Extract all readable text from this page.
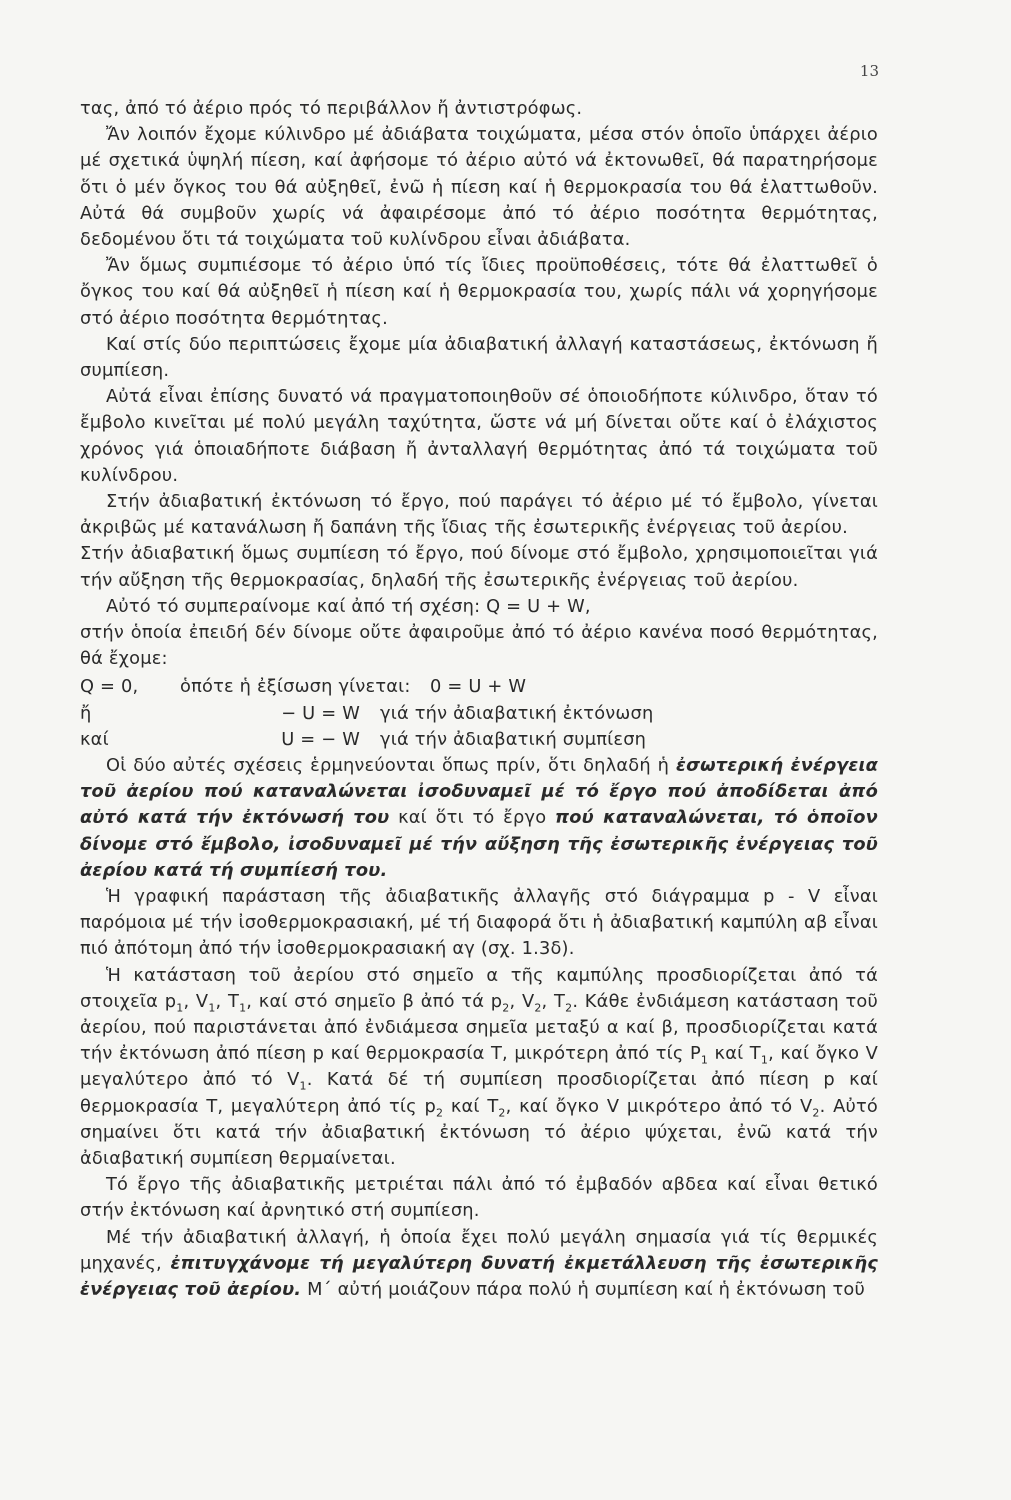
13

τας, ἀπό τό ἀέριο πρός τό περιβάλλον ἤ ἀντιστρόφως.

Ἄν λοιπόν ἔχομε κύλινδρο μέ ἀδιάβατα τοιχώματα, μέσα στόν ὁποῖο ὑπάρχει ἀέριο μέ σχετικά ὑψηλή πίεση, καί ἀφήσομε τό ἀέριο αὐτό νά ἐκτονωθεῖ, θά παρατηρήσομε ὅτι ὁ μέν ὄγκος του θά αὐξηθεῖ, ἐνῶ ἡ πίεση καί ἡ θερμοκρασία του θά ἐλαττωθοῦν. Αὐτά θά συμβοῦν χωρίς νά ἀφαιρέσομε ἀπό τό ἀέριο ποσότητα θερμότητας, δεδομένου ὅτι τά τοιχώματα τοῦ κυλίνδρου εἶναι ἀδιάβατα.

Ἄν ὅμως συμπιέσομε τό ἀέριο ὑπό τίς ἴδιες προϋποθέσεις, τότε θά ἐλαττωθεῖ ὁ ὄγκος του καί θά αὐξηθεῖ ἡ πίεση καί ἡ θερμοκρασία του, χωρίς πάλι νά χορηγήσομε στό ἀέριο ποσότητα θερμότητας.

Καί στίς δύο περιπτώσεις ἔχομε μία ἀδιαβατική ἀλλαγή καταστάσεως, ἐκτόνωση ἤ συμπίεση.

Αὐτά εἶναι ἐπίσης δυνατό νά πραγματοποιηθοῦν σέ ὁποιοδήποτε κύλινδρο, ὅταν τό ἔμβολο κινεῖται μέ πολύ μεγάλη ταχύτητα, ὥστε νά μή δίνεται οὔτε καί ὁ ἐλάχιστος χρόνος γιά ὁποιαδήποτε διάβαση ἤ ἀνταλλαγή θερμότητας ἀπό τά τοιχώματα τοῦ κυλίνδρου.

Στήν ἀδιαβατική ἐκτόνωση τό ἔργο, πού παράγει τό ἀέριο μέ τό ἔμβολο, γίνεται ἀκριβῶς μέ κατανάλωση ἤ δαπάνη τῆς ἴδιας τῆς ἐσωτερικῆς ἐνέργειας τοῦ ἀερίου.

Στήν ἀδιαβατική ὅμως συμπίεση τό ἔργο, πού δίνομε στό ἔμβολο, χρησιμοποιεῖται γιά τήν αὔξηση τῆς θερμοκρασίας, δηλαδή τῆς ἐσωτερικῆς ἐνέργειας τοῦ ἀερίου.

Αὐτό τό συμπεραίνομε καί ἀπό τή σχέση: Q = U + W,

στήν ὁποία ἐπειδή δέν δίνομε οὔτε ἀφαιροῦμε ἀπό τό ἀέριο κανένα ποσό θερμότητας, θά ἔχομε:

Q = 0,	ὁπότε ἡ ἐξίσωση γίνεται:	0 = U + W
ἤ	− U = W	γιά τήν ἀδιαβατική ἐκτόνωση
καί	U = − W	γιά τήν ἀδιαβατική συμπίεση

Οἱ δύο αὐτές σχέσεις ἑρμηνεύονται ὅπως πρίν, ὅτι δηλαδή ἡ ἐσωτερική ἐνέργεια τοῦ ἀερίου πού καταναλώνεται ἰσοδυναμεῖ μέ τό ἔργο πού ἀποδίδεται ἀπό αὐτό κατά τήν ἐκτόνωσή του καί ὅτι τό ἔργο πού καταναλώνεται, τό ὁποῖον δίνομε στό ἔμβολο, ἰσοδυναμεῖ μέ τήν αὔξηση τῆς ἐσωτερικῆς ἐνέργειας τοῦ ἀερίου κατά τή συμπίεσή του.

Ἡ γραφική παράσταση τῆς ἀδιαβατικῆς ἀλλαγῆς στό διάγραμμα p - V εἶναι παρόμοια μέ τήν ἰσοθερμοκρασιακή, μέ τή διαφορά ὅτι ἡ ἀδιαβατική καμπύλη αβ εἶναι πιό ἀπότομη ἀπό τήν ἰσοθερμοκρασιακή αγ (σχ. 1.3δ).

Ἡ κατάσταση τοῦ ἀερίου στό σημεῖο α τῆς καμπύλης προσδιορίζεται ἀπό τά στοιχεῖα $p_1$, $V_1$, $T_1$, καί στό σημεῖο β ἀπό τά $p_2$, $V_2$, $T_2$. Κάθε ἐνδιάμεση κατάσταση τοῦ ἀερίου, πού παριστάνεται ἀπό ἐνδιάμεσα σημεῖα μεταξύ α καί β, προσδιορίζεται κατά τήν ἐκτόνωση ἀπό πίεση p καί θερμοκρασία T, μικρότερη ἀπό τίς $P_1$ καί $T_1$, καί ὄγκο V μεγαλύτερο ἀπό τό $V_1$. Κατά δέ τή συμπίεση προσδιορίζεται ἀπό πίεση p καί θερμοκρασία T, μεγαλύτερη ἀπό τίς $p_2$ καί $T_2$, καί ὄγκο V μικρότερο ἀπό τό $V_2$. Αὐτό σημαίνει ὅτι κατά τήν ἀδιαβατική ἐκτόνωση τό ἀέριο ψύχεται, ἐνῶ κατά τήν ἀδιαβατική συμπίεση θερμαίνεται.

Τό ἔργο τῆς ἀδιαβατικῆς μετριέται πάλι ἀπό τό ἐμβαδόν αβδεα καί εἶναι θετικό στήν ἐκτόνωση καί ἀρνητικό στή συμπίεση.

Μέ τήν ἀδιαβατική ἀλλαγή, ἡ ὁποία ἔχει πολύ μεγάλη σημασία γιά τίς θερμικές μηχανές, ἐπιτυγχάνομε τή μεγαλύτερη δυνατή ἐκμετάλλευση τῆς ἐσωτερικῆς ἐνέργειας τοῦ ἀερίου. Μ΄ αὐτή μοιάζουν πάρα πολύ ἡ συμπίεση καί ἡ ἐκτόνωση τοῦ
